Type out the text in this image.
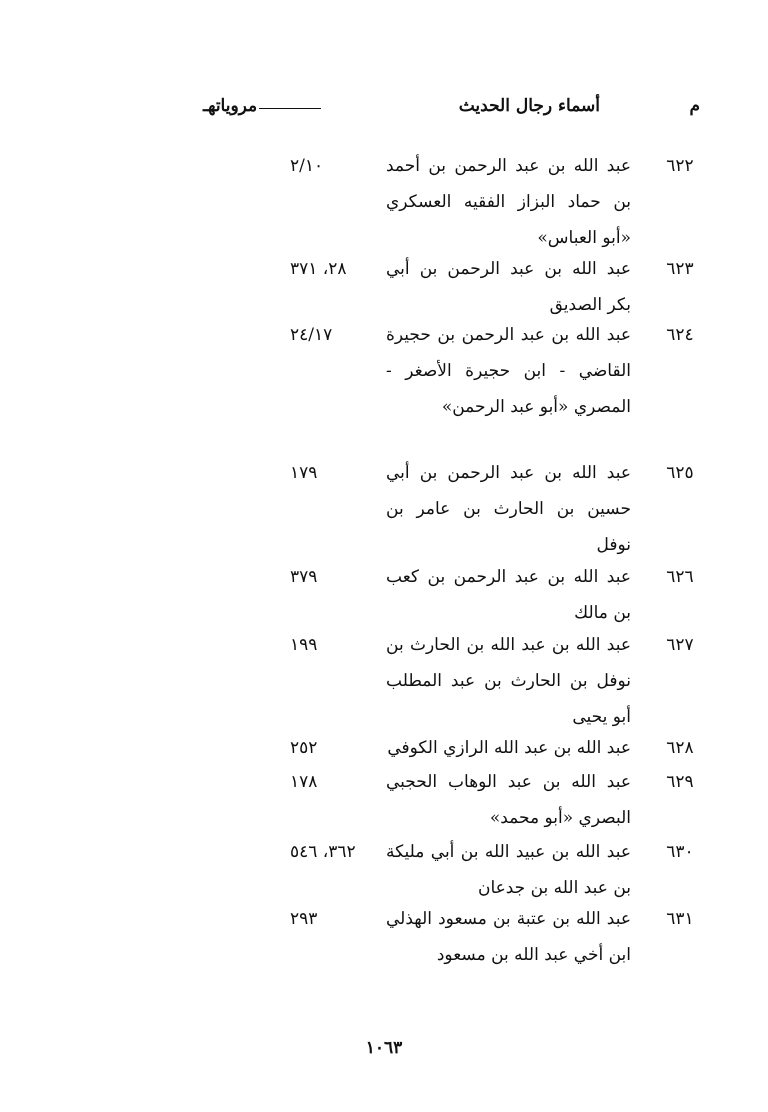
م
أسماء رجال الحديث
مروياتهـ
٦٢٢
عبد الله بن عبد الرحمن بن أحمد بن حماد البزاز الفقيه العسكري «أبو العباس»
٢/١٠
٦٢٣
عبد الله بن عبد الرحمن بن أبي بكر الصديق
٢٨، ٣٧١
٦٢٤
عبد الله بن عبد الرحمن بن حجيرة القاضي - ابن حجيرة الأصغر - المصري «أبو عبد الرحمن»
٢٤/١٧
٦٢٥
عبد الله بن عبد الرحمن بن أبي حسين بن الحارث بن عامر بن نوفل
١٧٩
٦٢٦
عبد الله بن عبد الرحمن بن كعب بن مالك
٣٧٩
٦٢٧
عبد الله بن عبد الله بن الحارث بن نوفل بن الحارث بن عبد المطلب أبو يحيى
١٩٩
٦٢٨
عبد الله بن عبد الله الرازي الكوفي
٢٥٢
٦٢٩
عبد الله بن عبد الوهاب الحجبي البصري «أبو محمد»
١٧٨
٦٣٠
عبد الله بن عبيد الله بن أبي مليكة بن عبد الله بن جدعان
٣٦٢، ٥٤٦
٦٣١
عبد الله بن عتبة بن مسعود الهذلي ابن أخي عبد الله بن مسعود
٢٩٣
١٠٦٣
